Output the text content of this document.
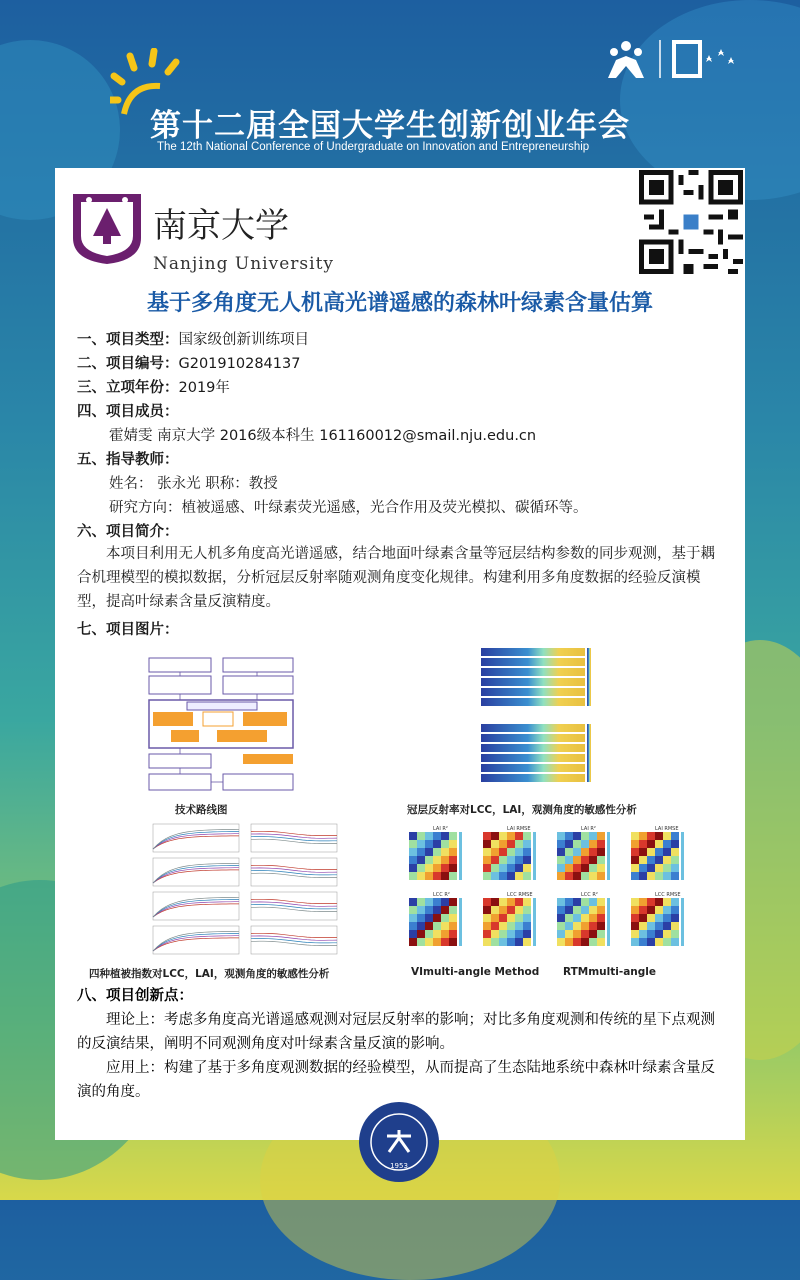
第十二届全国大学生创新创业年会
The 12th National Conference of Undergraduate on Innovation and Entrepreneurship
南京大学
Nanjing University
基于多角度无人机高光谱遥感的森林叶绿素含量估算
一、项目类型：国家级创新训练项目
二、项目编号：G201910284137
三、立项年份：2019年
四、项目成员：
霍婧雯 南京大学 2016级本科生 161160012@smail.nju.edu.cn
五、指导教师：
姓名： 张永光 职称：教授
研究方向：植被遥感、叶绿素荧光遥感，光合作用及荧光模拟、碳循环等。
六、项目简介：
本项目利用无人机多角度高光谱遥感，结合地面叶绿素含量等冠层结构参数的同步观测，基于耦合机理模型的模拟数据，分析冠层反射率随观测角度变化规律。构建利用多角度数据的经验反演模型，提高叶绿素含量反演精度。
七、项目图片：
技术路线图	冠层反射率对LCC，LAI，观测角度的敏感性分析
四种植被指数对LCC，LAI，观测角度的敏感性分析
LAI R²	LAI RMSE	LAI R²	LAI RMSE
LCC R²	LCC RMSE	LCC R²	LCC RMSE
VImulti-angle Method RTMmulti-angle
八、项目创新点：
理论上：考虑多角度高光谱遥感观测对冠层反射率的影响；对比多角度观测和传统的星下点观测的反演结果，阐明不同观测角度对叶绿素含量反演的影响。
应用上：构建了基于多角度观测数据的经验模型，从而提高了生态陆地系统中森林叶绿素含量反演的角度。
1953
